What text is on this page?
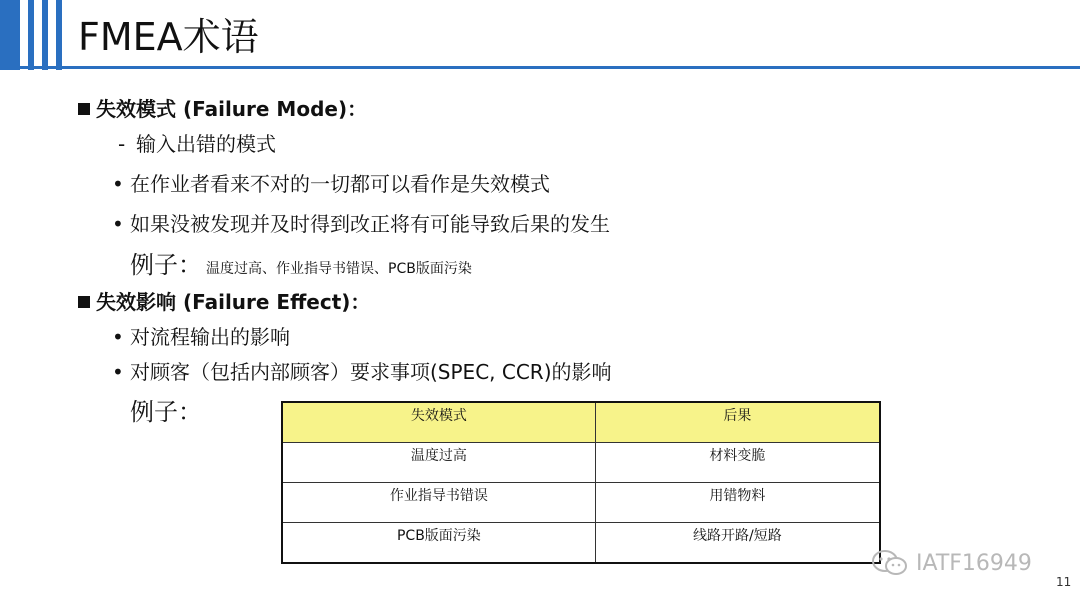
FMEA术语
失效模式 (Failure Mode)：
- 输入出错的模式
• 在作业者看来不对的一切都可以看作是失效模式
• 如果没被发现并及时得到改正将有可能导致后果的发生
例子： 温度过高、作业指导书错误、PCB版面污染
失效影响 (Failure Effect)：
• 对流程输出的影响
• 对顾客（包括内部顾客）要求事项(SPEC, CCR)的影响
例子：	失效模式	后果
温度过高	材料变脆
作业指导书错误	用错物料
PCB版面污染	线路开路/短路
IATF16949
11
